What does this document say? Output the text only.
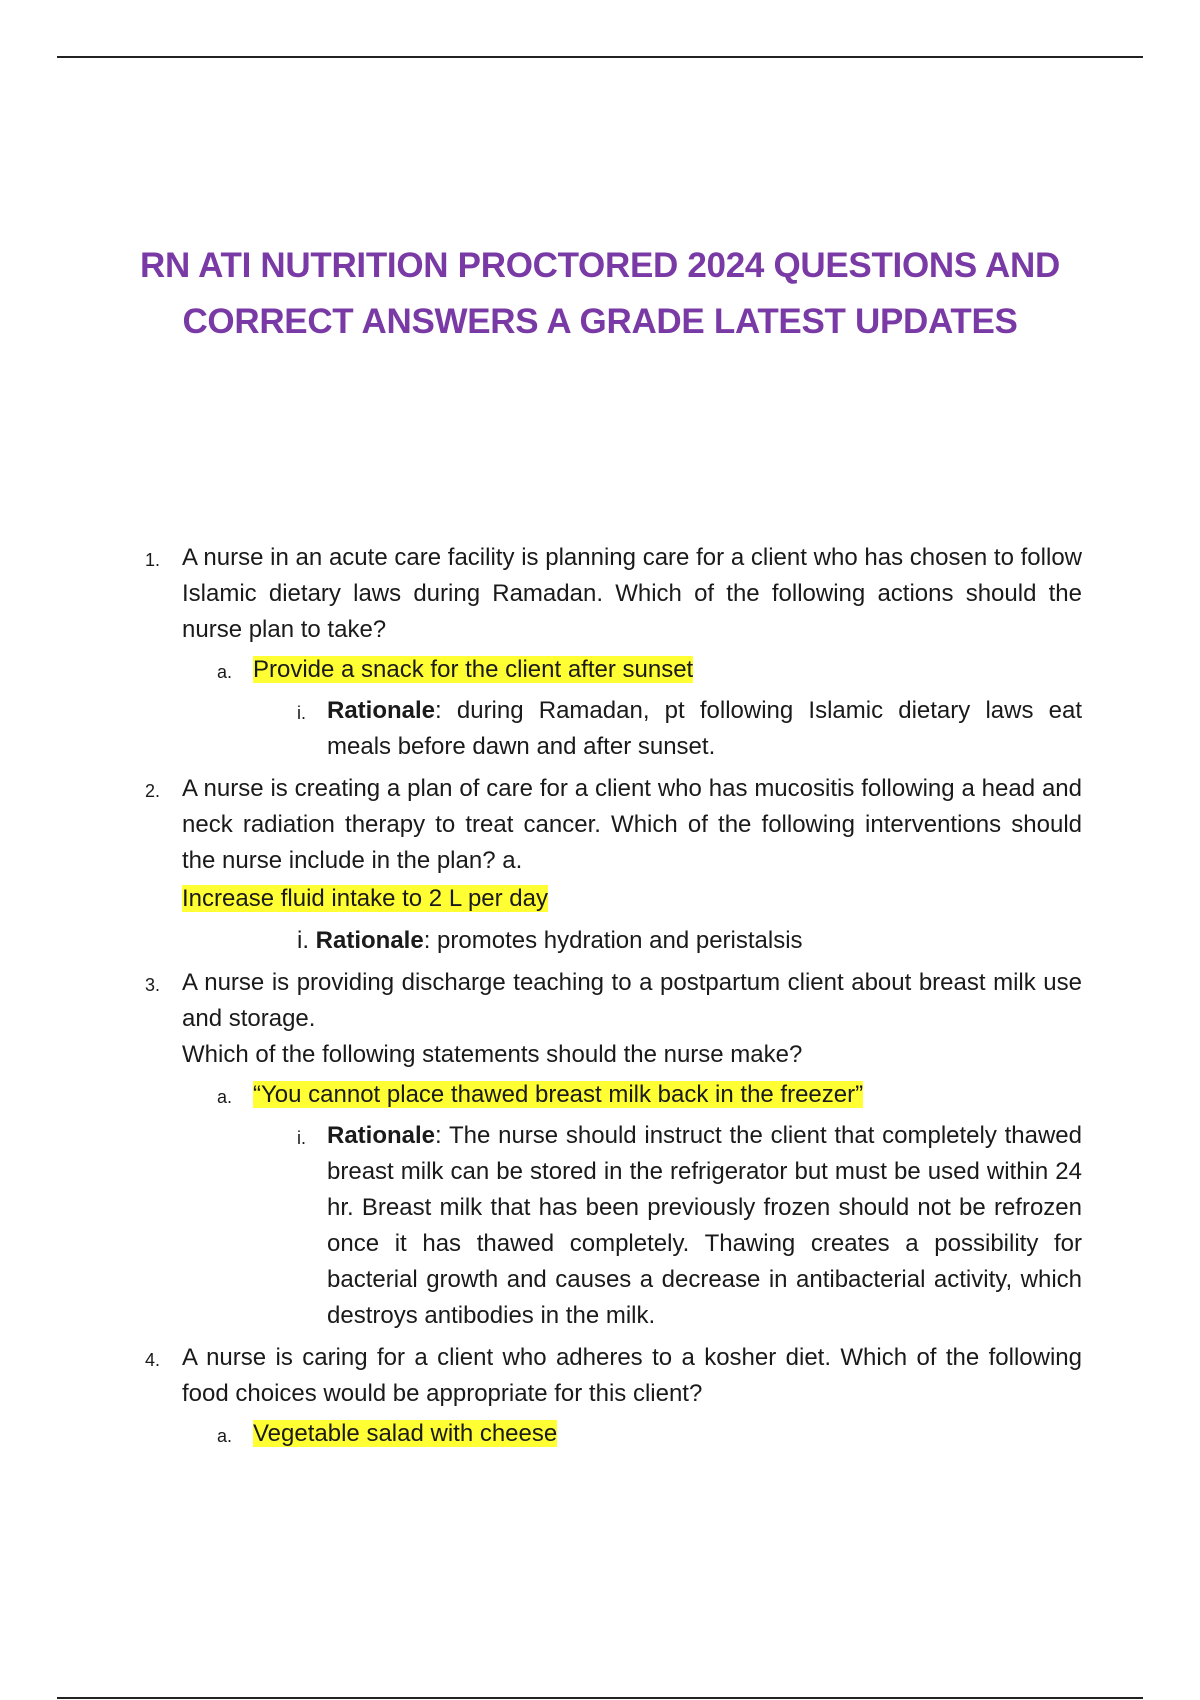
RN ATI NUTRITION PROCTORED 2024 QUESTIONS AND
CORRECT ANSWERS A GRADE LATEST UPDATES
1. A nurse in an acute care facility is planning care for a client who has chosen to follow Islamic dietary laws during Ramadan. Which of the following actions should the nurse plan to take?

a. Provide a snack for the client after sunset
i. Rationale: during Ramadan, pt following Islamic dietary laws eat meals before dawn and after sunset.
2. A nurse is creating a plan of care for a client who has mucositis following a head and neck radiation therapy to treat cancer. Which of the following interventions should the nurse include in the plan? a.

Increase fluid intake to 2 L per day
i. Rationale: promotes hydration and peristalsis
3. A nurse is providing discharge teaching to a postpartum client about breast milk use and storage.

Which of the following statements should the nurse make?

a. “You cannot place thawed breast milk back in the freezer”
i. Rationale: The nurse should instruct the client that completely thawed breast milk can be stored in the refrigerator but must be used within 24 hr. Breast milk that has been previously frozen should not be refrozen once it has thawed completely. Thawing creates a possibility for bacterial growth and causes a decrease in antibacterial activity, which destroys antibodies in the milk.
4. A nurse is caring for a client who adheres to a kosher diet. Which of the following food choices would be appropriate for this client?

a. Vegetable salad with cheese
